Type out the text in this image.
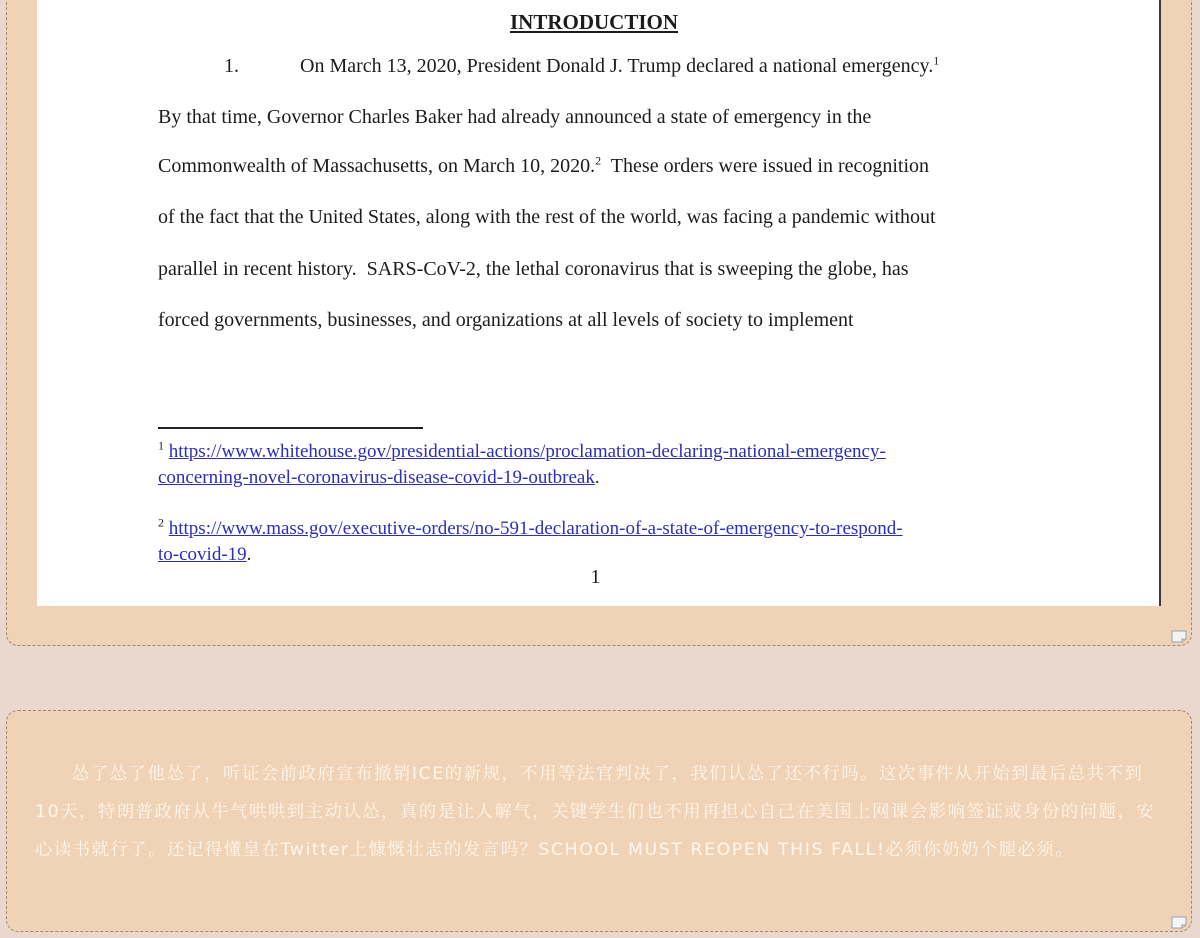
INTRODUCTION
1.	On March 13, 2020, President Donald J. Trump declared a national emergency.$^1$
By that time, Governor Charles Baker had already announced a state of emergency in the
Commonwealth of Massachusetts, on March 10, 2020.$^2$  These orders were issued in recognition
of the fact that the United States, along with the rest of the world, was facing a pandemic without
parallel in recent history.  SARS-CoV-2, the lethal coronavirus that is sweeping the globe, has
forced governments, businesses, and organizations at all levels of society to implement
$^1$ https://www.whitehouse.gov/presidential-actions/proclamation-declaring-national-emergency-
concerning-novel-coronavirus-disease-covid-19-outbreak.
$^2$ https://www.mass.gov/executive-orders/no-591-declaration-of-a-state-of-emergency-to-respond-
to-covid-19.
1

怂了怂了他怂了，听证会前政府宣布撤销ICE的新规，不用等法官判决了，我们认怂了还不行吗。这次事件从开始到最后总共不到10天，特朗普政府从牛气哄哄到主动认怂，真的是让人解气，关键学生们也不用再担心自己在美国上网课会影响签证或身份的问题，安心读书就行了。还记得懂皇在Twitter上慷慨壮志的发言吗？SCHOOL MUST REOPEN THIS FALL!必须你奶奶个腿必须。
